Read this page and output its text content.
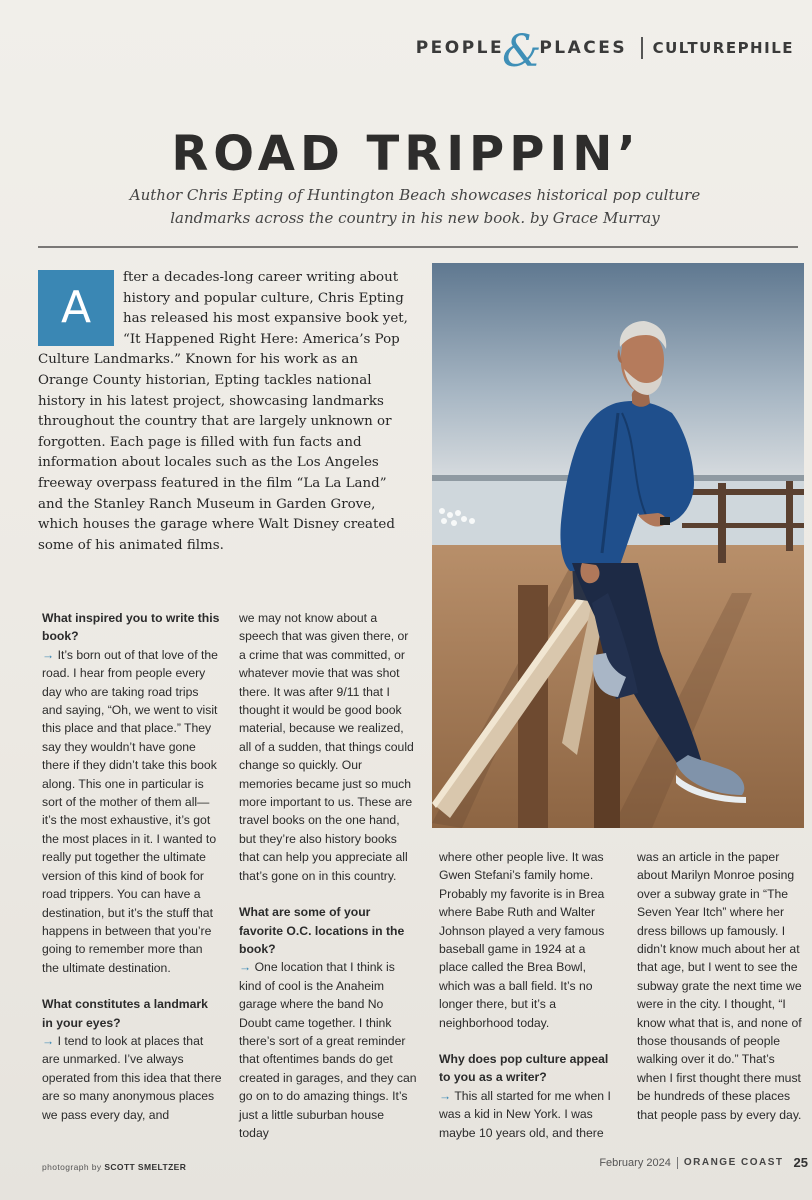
PEOPLE
&
PLACES CULTUREPHILE
ROAD TRIPPIN’
Author Chris Epting of Huntington Beach showcases historical pop culture landmarks across the country in his new book. by Grace Murray
A
fter a decades-long career writing about history and popular culture, Chris Epting has released his most expansive book yet, “It Happened Right Here: America’s Pop Culture Landmarks.” Known for his work as an Orange County historian, Epting tackles national history in his latest project, showcasing landmarks throughout the country that are largely unknown or forgotten. Each page is filled with fun facts and information about locales such as the Los Angeles freeway overpass featured in the film “La La Land” and the Stanley Ranch Museum in Garden Grove, which houses the garage where Walt Disney created some of his animated films.

What inspired you to write this book?

→ It’s born out of that love of the road. I hear from people every day who are taking road trips and saying, “Oh, we went to visit this place and that place.” They say they wouldn’t have gone there if they didn’t take this book along. This one in particular is sort of the mother of them all—it’s the most exhaustive, it’s got the most places in it. I wanted to really put together the ultimate version of this kind of book for road trippers. You can have a destination, but it’s the stuff that happens in between that you’re going to remember more than the ultimate destination.

What constitutes a landmark in your eyes?

→ I tend to look at places that are unmarked. I’ve always operated from this idea that there are so many anonymous places we pass every day, and

we may not know about a speech that was given there, or a crime that was committed, or whatever movie that was shot there. It was after 9/11 that I thought it would be good book material, because we realized, all of a sudden, that things could change so quickly. Our memories became just so much more important to us. These are travel books on the one hand, but they’re also history books that can help you appreciate all that’s gone on in this country.

What are some of your favorite O.C. locations in the book?

→ One location that I think is kind of cool is the Anaheim garage where the band No Doubt came together. I think there’s sort of a great reminder that oftentimes bands do get created in garages, and they can go on to do amazing things. It’s just a little suburban house today

where other people live. It was Gwen Stefani’s family home. Probably my favorite is in Brea where Babe Ruth and Walter Johnson played a very famous baseball game in 1924 at a place called the Brea Bowl, which was a ball field. It’s no longer there, but it’s a neighborhood today.

Why does pop culture appeal to you as a writer?

→ This all started for me when I was a kid in New York. I was maybe 10 years old, and there

was an article in the paper about Marilyn Monroe posing over a subway grate in “The Seven Year Itch” where her dress billows up famously. I didn’t know much about her at that age, but I went to see the subway grate the next time we were in the city. I thought, “I know what that is, and none of those thousands of people walking over it do.” That’s when I first thought there must be hundreds of these places that people pass by every day.

photograph by SCOTT SMELTZER	February 2024 ORANGE COAST 25
